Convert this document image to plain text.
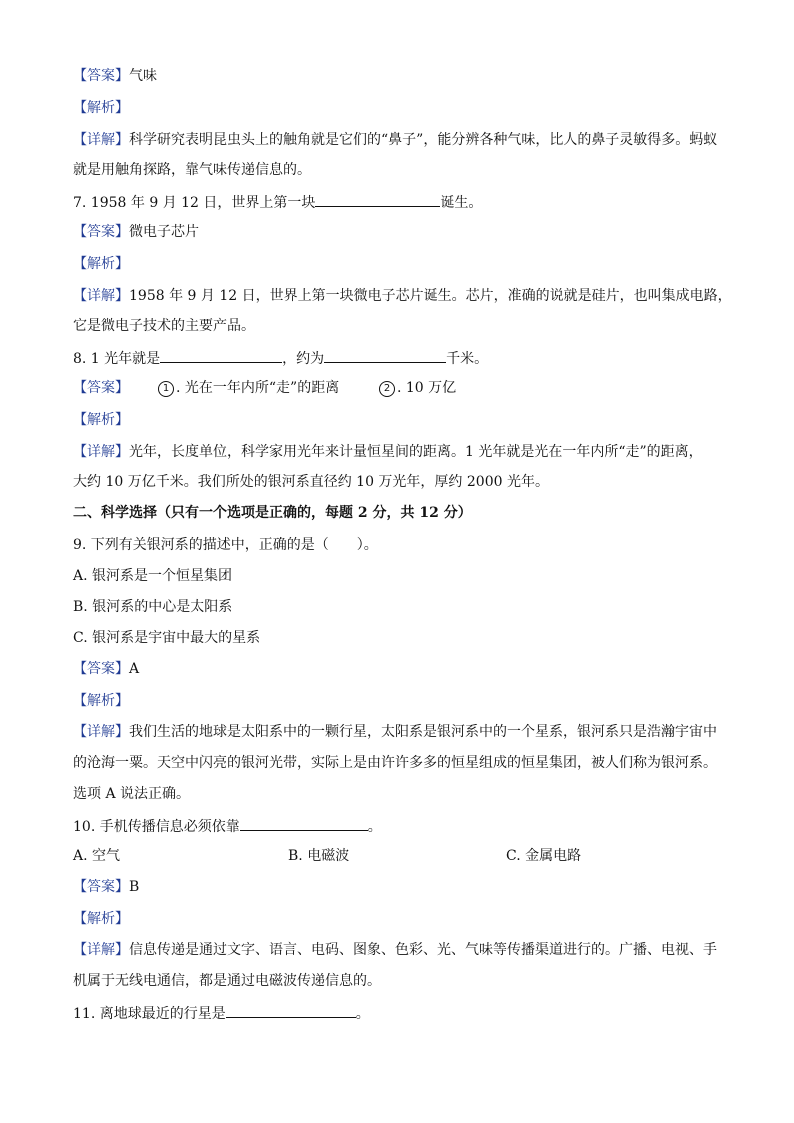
【答案】气味
【解析】
【详解】科学研究表明昆虫头上的触角就是它们的“鼻子”，能分辨各种气味，比人的鼻子灵敏得多。蚂蚁
就是用触角探路，靠气味传递信息的。
7. 1958 年 9 月 12 日，世界上第一块	诞生。
【答案】微电子芯片
【解析】
【详解】1958 年 9 月 12 日，世界上第一块微电子芯片诞生。芯片，准确的说就是硅片，也叫集成电路，
它是微电子技术的主要产品。
8. 1 光年就是	，约为	千米。
【答案】	1 . 光在一年内所“走”的距离	2 . 10 万亿
【解析】
【详解】光年，长度单位，科学家用光年来计量恒星间的距离。1 光年就是光在一年内所“走”的距离，
大约 10 万亿千米。我们所处的银河系直径约 10 万光年，厚约 2000 光年。
二、科学选择（只有一个选项是正确的，每题 2 分，共 12 分）
9. 下列有关银河系的描述中，正确的是（　　）。
A. 银河系是一个恒星集团
B. 银河系的中心是太阳系
C. 银河系是宇宙中最大的星系
【答案】A
【解析】
【详解】我们生活的地球是太阳系中的一颗行星，太阳系是银河系中的一个星系，银河系只是浩瀚宇宙中
的沧海一粟。天空中闪亮的银河光带，实际上是由许许多多的恒星组成的恒星集团，被人们称为银河系。
选项 A 说法正确。
10. 手机传播信息必须依靠	。
A. 空气	B. 电磁波	C. 金属电路
【答案】B
【解析】
【详解】信息传递是通过文字、语言、电码、图象、色彩、光、气味等传播渠道进行的。广播、电视、手
机属于无线电通信，都是通过电磁波传递信息的。
11. 离地球最近的行星是	。
